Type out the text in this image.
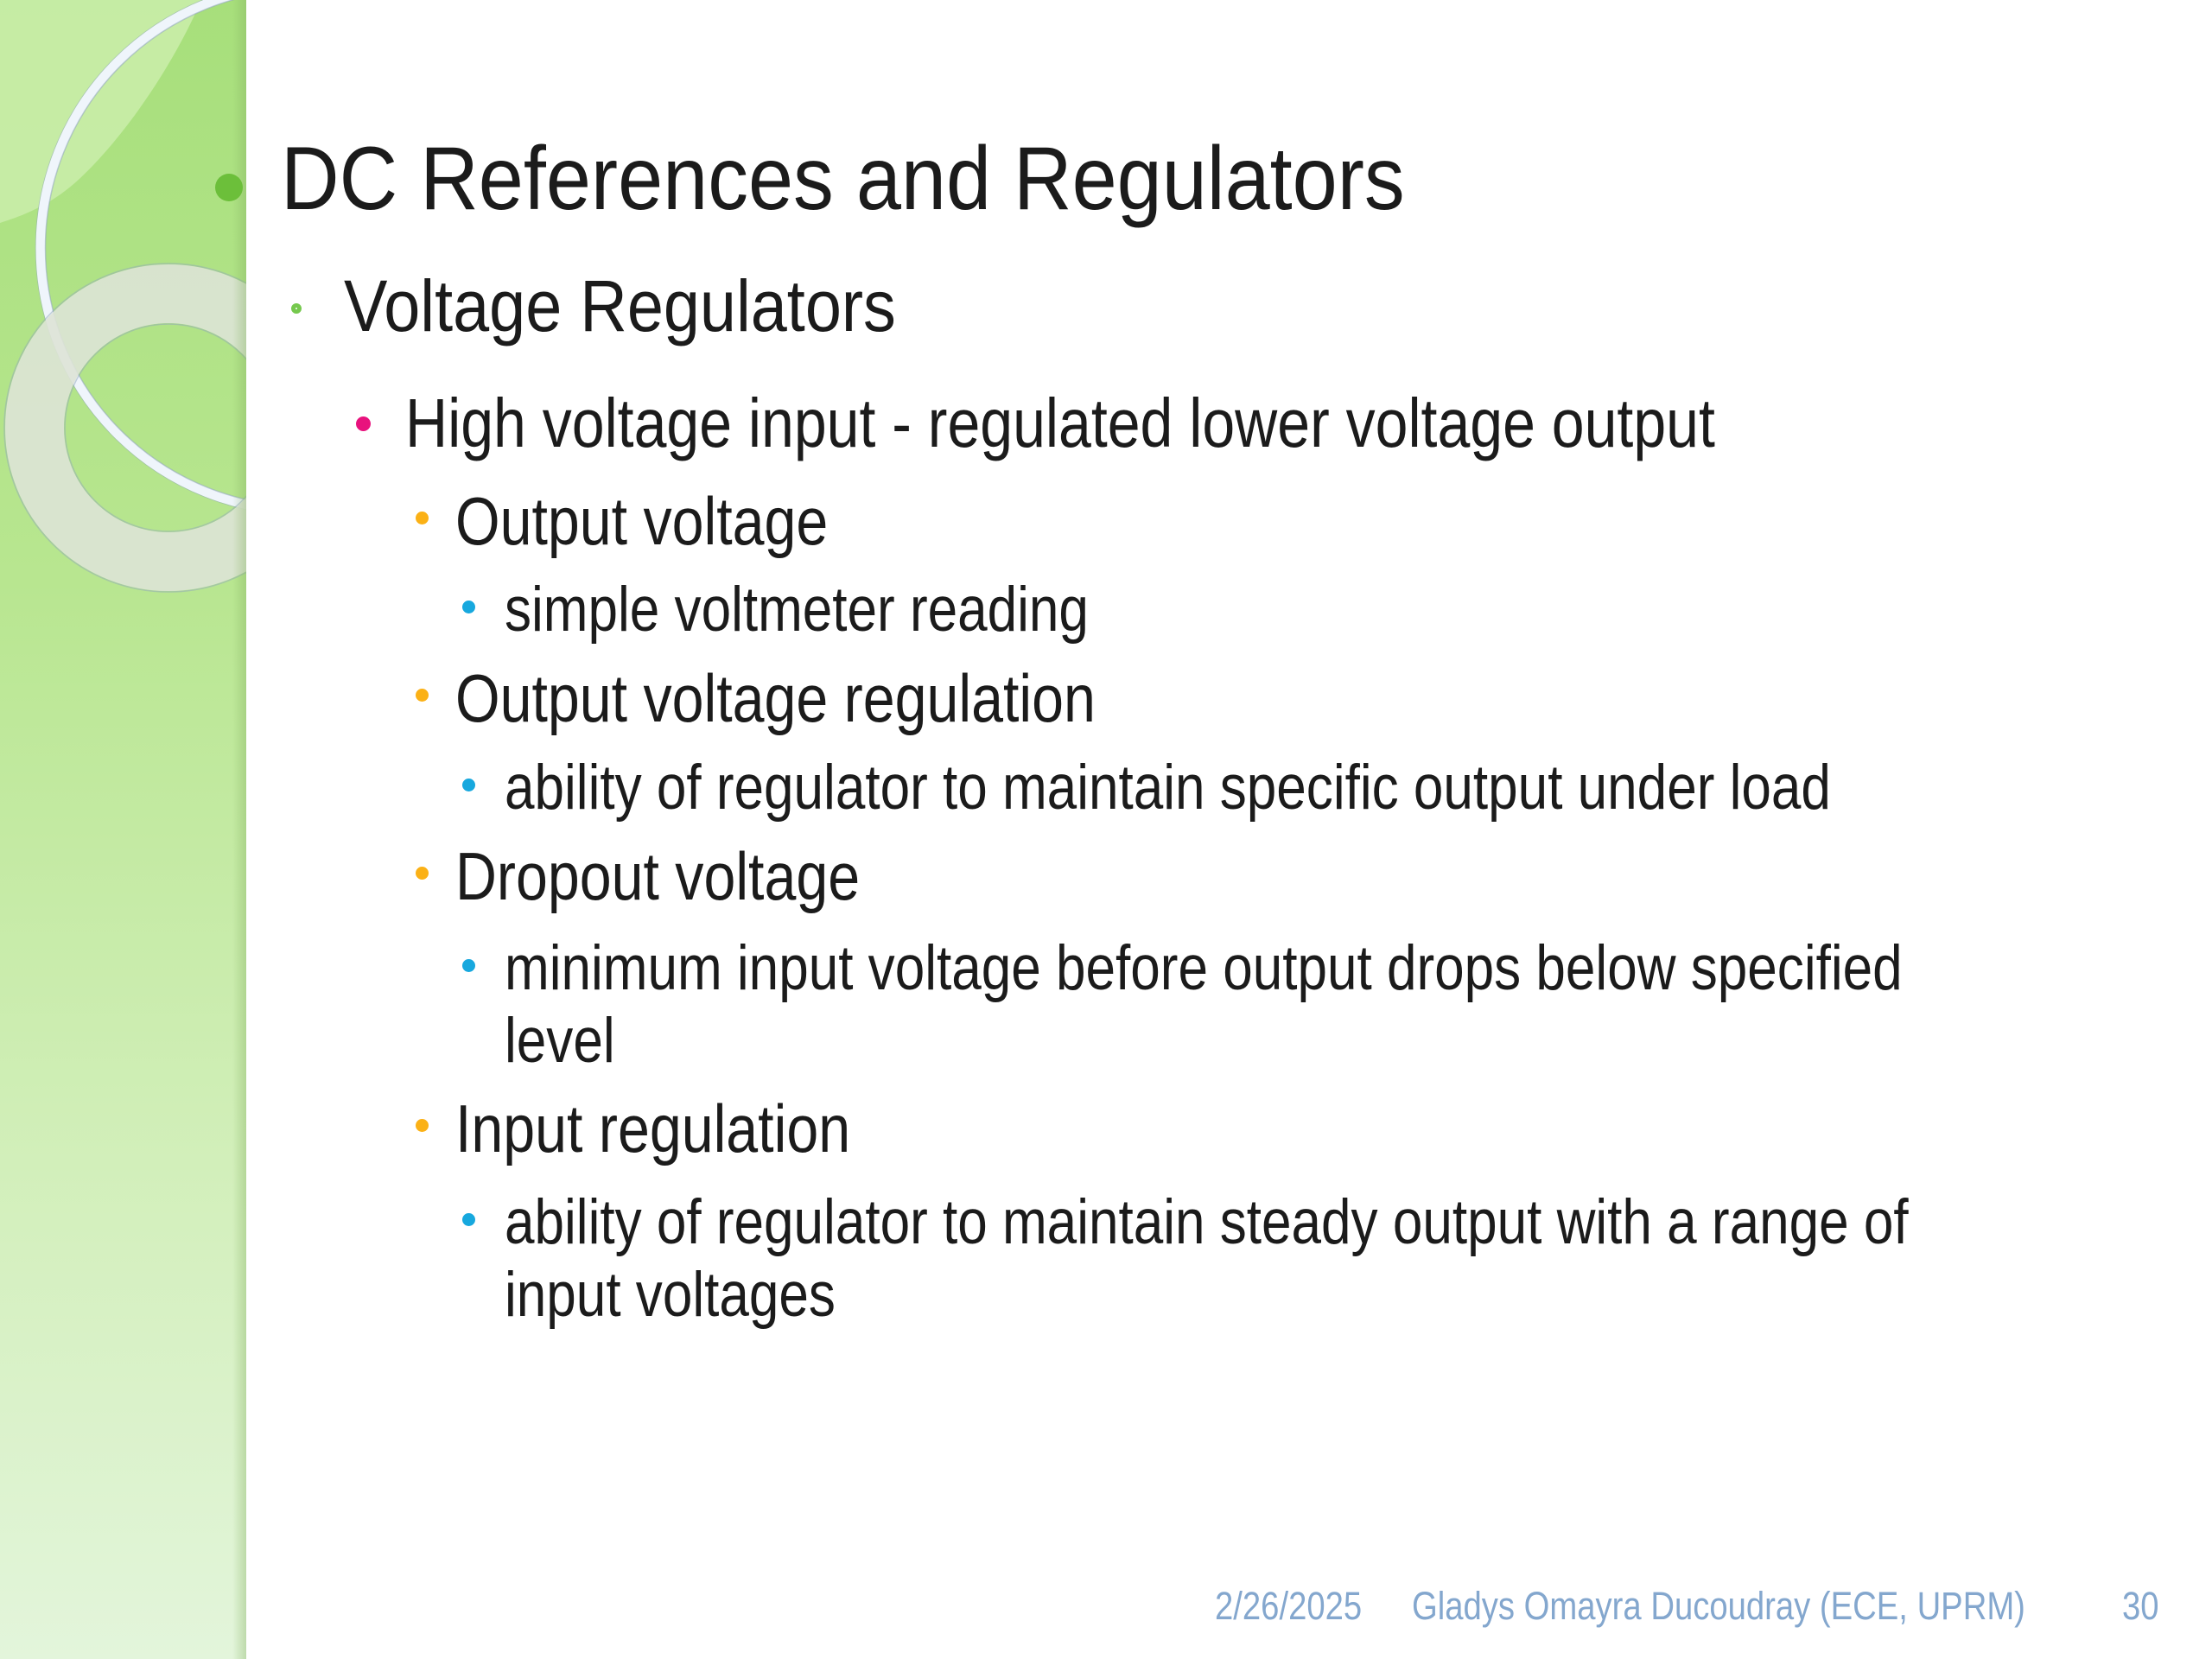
DC References and Regulators
Voltage Regulators
High voltage input - regulated lower voltage output
Output voltage
simple voltmeter reading
Output voltage regulation
ability of regulator to maintain specific output under load
Dropout voltage
minimum input voltage before output drops below specified
level
Input regulation
ability of regulator to maintain steady output with a range of
input voltages
2/26/2025 Gladys Omayra Ducoudray (ECE, UPRM) 30
